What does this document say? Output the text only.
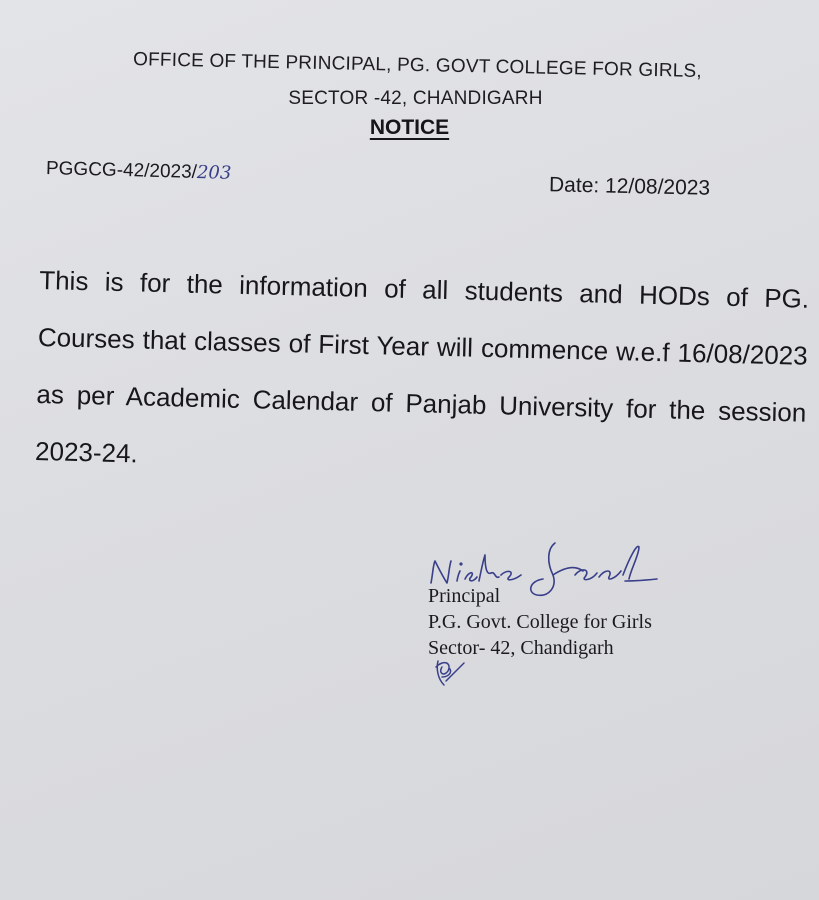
OFFICE OF THE PRINCIPAL, PG. GOVT COLLEGE FOR GIRLS,
SECTOR -42, CHANDIGARH
NOTICE
PGGCG-42/2023/203
Date: 12/08/2023
This is for the information of all students and HODs of PG. Courses that classes of First Year will commence w.e.f 16/08/2023 as per Academic Calendar of Panjab University for the session 2023-24.
Principal
P.G. Govt. College for Girls
Sector- 42, Chandigarh
